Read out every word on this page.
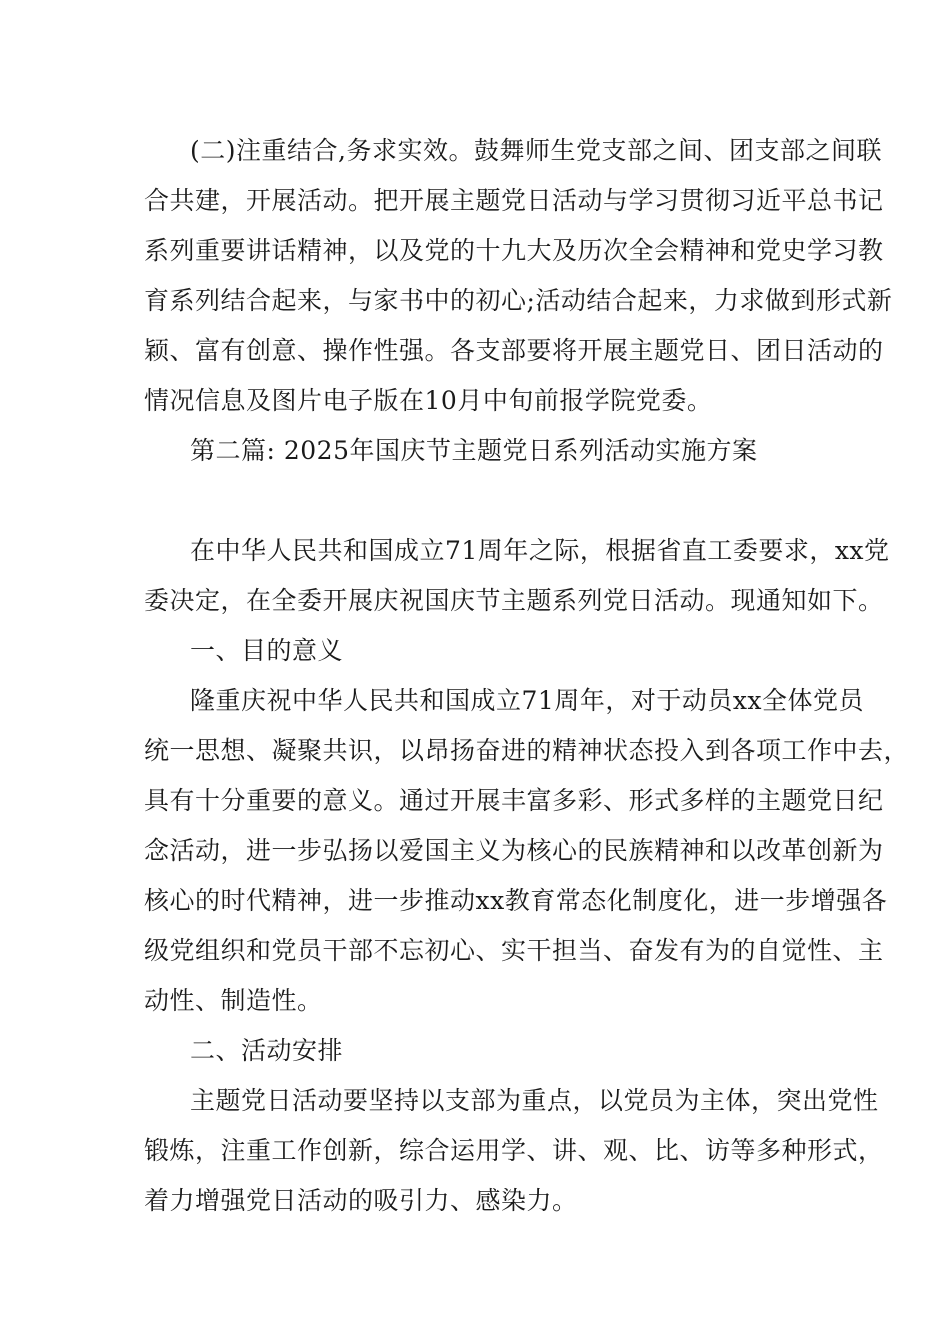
(二)注重结合,务求实效。鼓舞师生党支部之间、团支部之间联
合共建，开展活动。把开展主题党日活动与学习贯彻习近平总书记
系列重要讲话精神，以及党的十九大及历次全会精神和党史学习教
育系列结合起来，与家书中的初心;活动结合起来，力求做到形式新
颖、富有创意、操作性强。各支部要将开展主题党日、团日活动的
情况信息及图片电子版在10月中旬前报学院党委。
第二篇: 2025年国庆节主题党日系列活动实施方案
在中华人民共和国成立71周年之际，根据省直工委要求，xx党
委决定，在全委开展庆祝国庆节主题系列党日活动。现通知如下。
一、目的意义
隆重庆祝中华人民共和国成立71周年，对于动员xx全体党员
统一思想、凝聚共识，以昂扬奋进的精神状态投入到各项工作中去，
具有十分重要的意义。通过开展丰富多彩、形式多样的主题党日纪
念活动，进一步弘扬以爱国主义为核心的民族精神和以改革创新为
核心的时代精神，进一步推动xx教育常态化制度化，进一步增强各
级党组织和党员干部不忘初心、实干担当、奋发有为的自觉性、主
动性、制造性。
二、活动安排
主题党日活动要坚持以支部为重点，以党员为主体，突出党性
锻炼，注重工作创新，综合运用学、讲、观、比、访等多种形式，
着力增强党日活动的吸引力、感染力。
